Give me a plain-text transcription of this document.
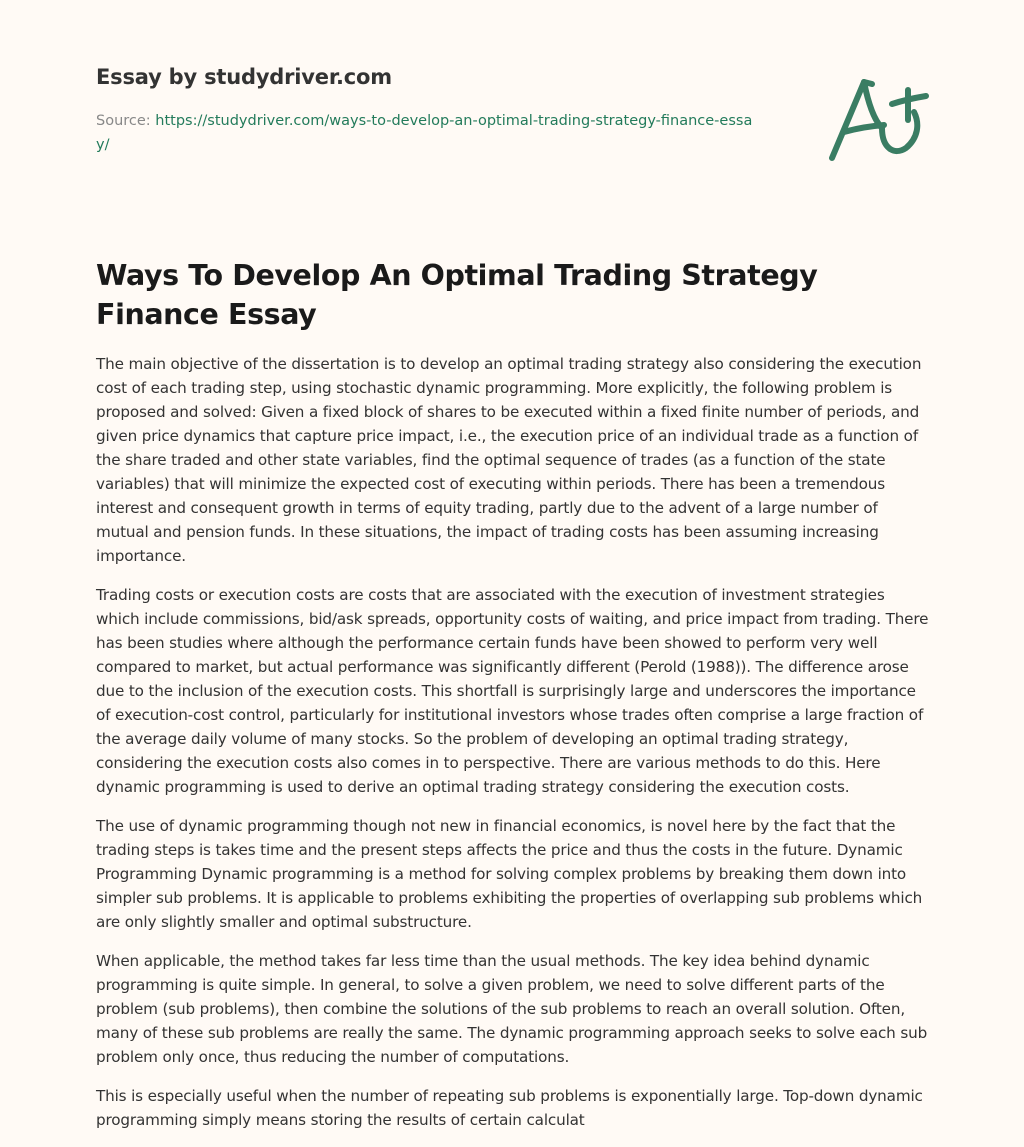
Essay by studydriver.com
Source: https://studydriver.com/ways-to-develop-an-optimal-trading-strategy-finance-essay/
Ways To Develop An Optimal Trading Strategy Finance Essay

The main objective of the dissertation is to develop an optimal trading strategy also considering the execution cost of each trading step, using stochastic dynamic programming. More explicitly, the following problem is proposed and solved: Given a fixed block of shares to be executed within a fixed finite number of periods, and given price dynamics that capture price impact, i.e., the execution price of an individual trade as a function of the share traded and other state variables, find the optimal sequence of trades (as a function of the state variables) that will minimize the expected cost of executing within periods. There has been a tremendous interest and consequent growth in terms of equity trading, partly due to the advent of a large number of mutual and pension funds. In these situations, the impact of trading costs has been assuming increasing importance.

Trading costs or execution costs are costs that are associated with the execution of investment strategies which include commissions, bid/ask spreads, opportunity costs of waiting, and price impact from trading. There has been studies where although the performance certain funds have been showed to perform very well compared to market, but actual performance was significantly different (Perold (1988)). The difference arose due to the inclusion of the execution costs. This shortfall is surprisingly large and underscores the importance of execution-cost control, particularly for institutional investors whose trades often comprise a large fraction of the average daily volume of many stocks. So the problem of developing an optimal trading strategy, considering the execution costs also comes in to perspective. There are various methods to do this. Here dynamic programming is used to derive an optimal trading strategy considering the execution costs.

The use of dynamic programming though not new in financial economics, is novel here by the fact that the trading steps is takes time and the present steps affects the price and thus the costs in the future. Dynamic Programming Dynamic programming is a method for solving complex problems by breaking them down into simpler sub problems. It is applicable to problems exhibiting the properties of overlapping sub problems which are only slightly smaller and optimal substructure.

When applicable, the method takes far less time than the usual methods. The key idea behind dynamic programming is quite simple. In general, to solve a given problem, we need to solve different parts of the problem (sub problems), then combine the solutions of the sub problems to reach an overall solution. Often, many of these sub problems are really the same. The dynamic programming approach seeks to solve each sub problem only once, thus reducing the number of computations.

This is especially useful when the number of repeating sub problems is exponentially large. Top-down dynamic programming simply means storing the results of certain calculat
